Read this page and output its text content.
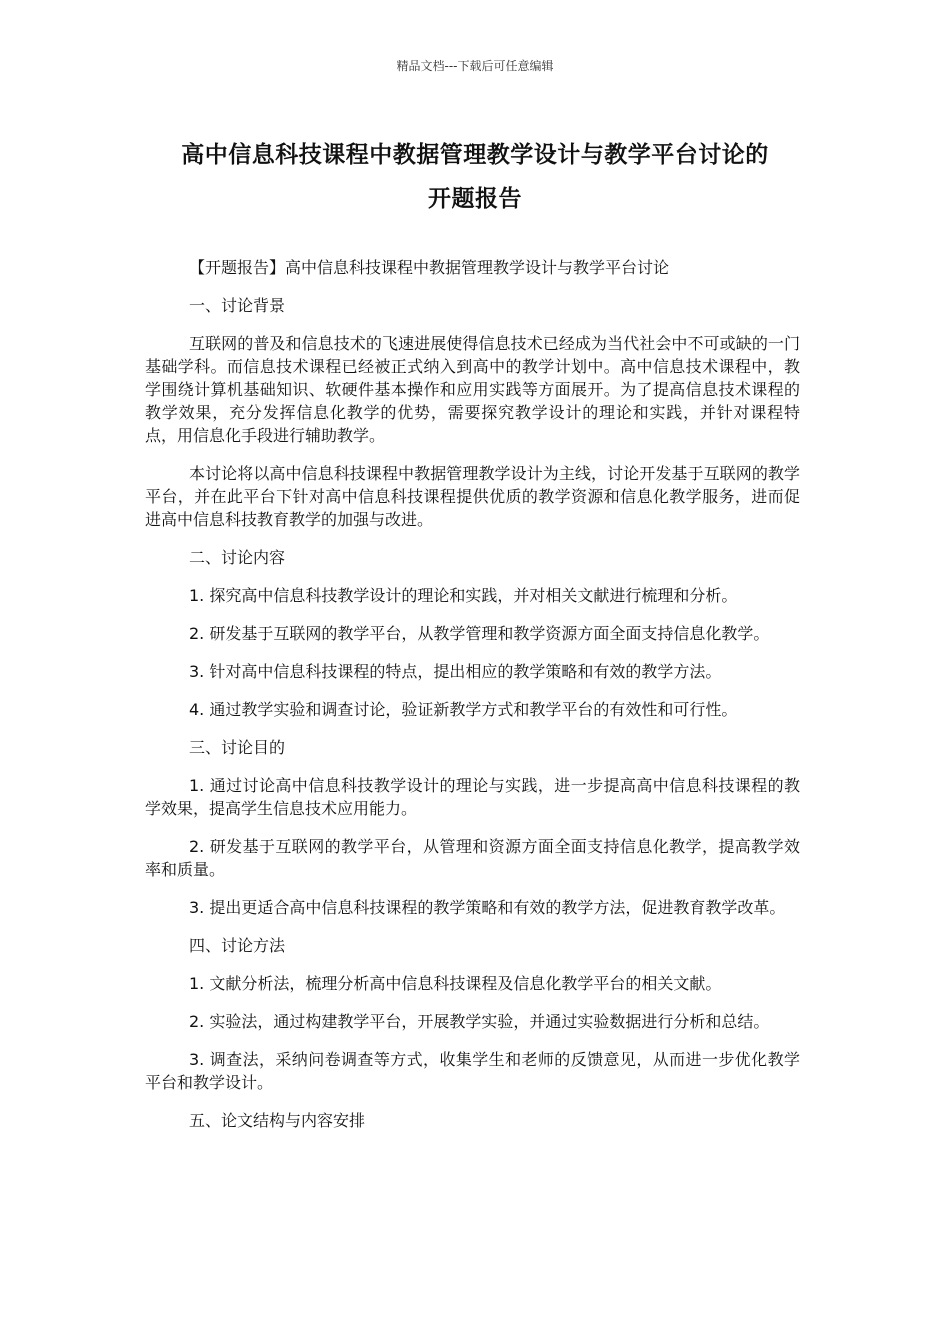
精品文档---下载后可任意编辑
高中信息科技课程中教据管理教学设计与教学平台讨论的
开题报告

【开题报告】高中信息科技课程中教据管理教学设计与教学平台讨论

一、讨论背景

互联网的普及和信息技术的飞速进展使得信息技术已经成为当代社会中不可或缺的一门基础学科。而信息技术课程已经被正式纳入到高中的教学计划中。高中信息技术课程中，教学围绕计算机基础知识、软硬件基本操作和应用实践等方面展开。为了提高信息技术课程的教学效果，充分发挥信息化教学的优势，需要探究教学设计的理论和实践，并针对课程特点，用信息化手段进行辅助教学。

本讨论将以高中信息科技课程中教据管理教学设计为主线，讨论开发基于互联网的教学平台，并在此平台下针对高中信息科技课程提供优质的教学资源和信息化教学服务，进而促进高中信息科技教育教学的加强与改进。

二、讨论内容

1. 探究高中信息科技教学设计的理论和实践，并对相关文献进行梳理和分析。

2. 研发基于互联网的教学平台，从教学管理和教学资源方面全面支持信息化教学。

3. 针对高中信息科技课程的特点，提出相应的教学策略和有效的教学方法。

4. 通过教学实验和调查讨论，验证新教学方式和教学平台的有效性和可行性。

三、讨论目的

1. 通过讨论高中信息科技教学设计的理论与实践，进一步提高高中信息科技课程的教学效果，提高学生信息技术应用能力。

2. 研发基于互联网的教学平台，从管理和资源方面全面支持信息化教学，提高教学效率和质量。

3. 提出更适合高中信息科技课程的教学策略和有效的教学方法，促进教育教学改革。

四、讨论方法

1. 文献分析法，梳理分析高中信息科技课程及信息化教学平台的相关文献。

2. 实验法，通过构建教学平台，开展教学实验，并通过实验数据进行分析和总结。

3. 调查法，采纳问卷调查等方式，收集学生和老师的反馈意见，从而进一步优化教学平台和教学设计。

五、论文结构与内容安排
